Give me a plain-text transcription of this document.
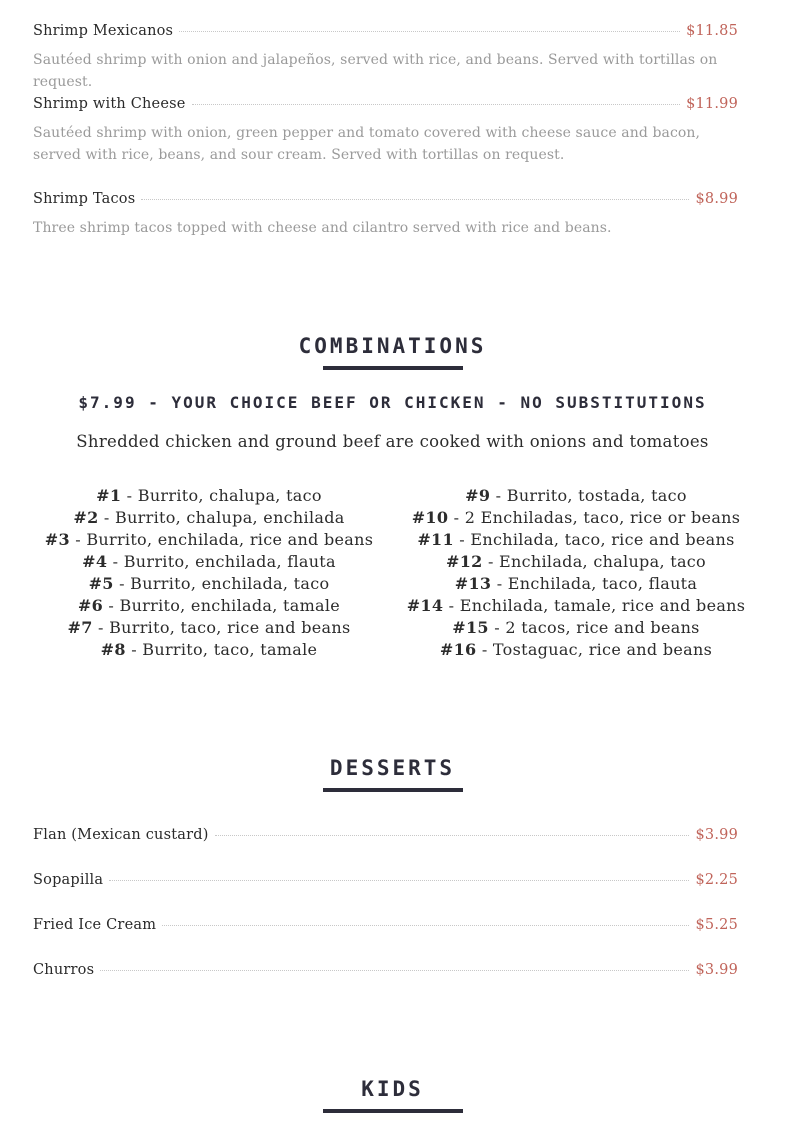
Shrimp Mexicanos	$11.85
Sautéed shrimp with onion and jalapeños, served with rice, and beans. Served with tortillas on request.
Shrimp with Cheese	$11.99
Sautéed shrimp with onion, green pepper and tomato covered with cheese sauce and bacon, served with rice, beans, and sour cream. Served with tortillas on request.
Shrimp Tacos	$8.99
Three shrimp tacos topped with cheese and cilantro served with rice and beans.
COMBINATIONS
$7.99 - YOUR CHOICE BEEF OR CHICKEN - NO SUBSTITUTIONS
Shredded chicken and ground beef are cooked with onions and tomatoes
#1 - Burrito, chalupa, taco
#2 - Burrito, chalupa, enchilada
#3 - Burrito, enchilada, rice and beans
#4 - Burrito, enchilada, flauta
#5 - Burrito, enchilada, taco
#6 - Burrito, enchilada, tamale
#7 - Burrito, taco, rice and beans
#8 - Burrito, taco, tamale
#9 - Burrito, tostada, taco
#10 - 2 Enchiladas, taco, rice or beans
#11 - Enchilada, taco, rice and beans
#12 - Enchilada, chalupa, taco
#13 - Enchilada, taco, flauta
#14 - Enchilada, tamale, rice and beans
#15 - 2 tacos, rice and beans
#16 - Tostaguac, rice and beans
DESSERTS
Flan (Mexican custard)	$3.99
Sopapilla	$2.25
Fried Ice Cream	$5.25
Churros	$3.99
KIDS
